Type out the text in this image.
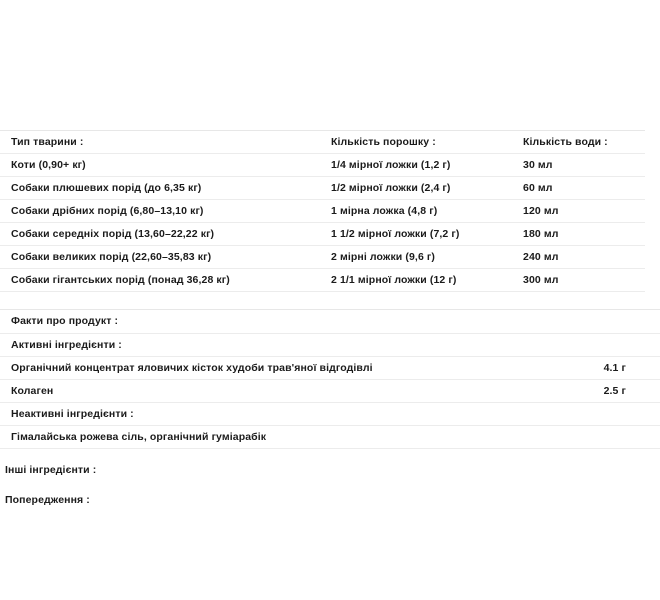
Тип тварини :	Кількість порошку :	Кількість води :
Коти (0,90+ кг)	1/4 мірної ложки (1,2 г)	30 мл
Собаки плюшевих порід (до 6,35 кг)	1/2 мірної ложки (2,4 г)	60 мл
Собаки дрібних порід (6,80–13,10 кг)	1 мірна ложка (4,8 г)	120 мл
Собаки середніх порід (13,60–22,22 кг)	1 1/2 мірної ложки (7,2 г)	180 мл
Собаки великих порід (22,60–35,83 кг)	2 мірні ложки (9,6 г)	240 мл
Собаки гігантських порід (понад 36,28 кг)	2 1/1 мірної ложки (12 г)	300 мл
Факти про продукт :	
Активні інгредієнти :	
Органічний концентрат яловичих кісток худоби трав'яної відгодівлі	4.1 г
Колаген	2.5 г
Неактивні інгредієнти :	
Гімалайська рожева сіль, органічний гуміарабік	
Інші інгредієнти :
Попередження :
